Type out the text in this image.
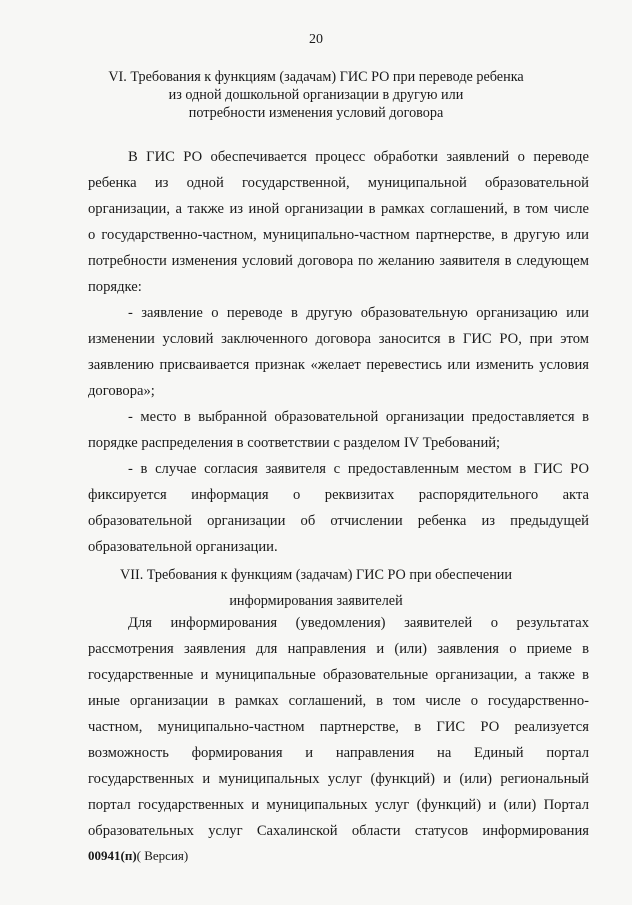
20
VI. Требования к функциям (задачам) ГИС РО при переводе ребенка
из одной дошкольной организации в другую или
потребности изменения условий договора
В ГИС РО обеспечивается процесс обработки заявлений о переводе
ребенка из одной государственной, муниципальной образовательной
организации, а также из иной организации в рамках соглашений, в том числе
о государственно-частном, муниципально-частном партнерстве, в другую или
потребности изменения условий договора по желанию заявителя в следующем
порядке:
- заявление о переводе в другую образовательную организацию или
изменении условий заключенного договора заносится в ГИС РО, при этом
заявлению присваивается признак «желает перевестись или изменить условия
договора»;
- место в выбранной образовательной организации предоставляется в
порядке распределения в соответствии с разделом IV Требований;
- в случае согласия заявителя с предоставленным местом в ГИС РО
фиксируется информация о реквизитах распорядительного акта
образовательной организации об отчислении ребенка из предыдущей
образовательной организации.
VII. Требования к функциям (задачам) ГИС РО при обеспечении
информирования заявителей
Для информирования (уведомления) заявителей о результатах
рассмотрения заявления для направления и (или) заявления о приеме в
государственные и муниципальные образовательные организации, а также в
иные организации в рамках соглашений, в том числе о государственно-
частном, муниципально-частном партнерстве, в ГИС РО реализуется
возможность формирования и направления на Единый портал
государственных и муниципальных услуг (функций) и (или) региональный
портал государственных и муниципальных услуг (функций) и (или) Портал
образовательных услуг Сахалинской области статусов информирования
00941(п)( Версия)
